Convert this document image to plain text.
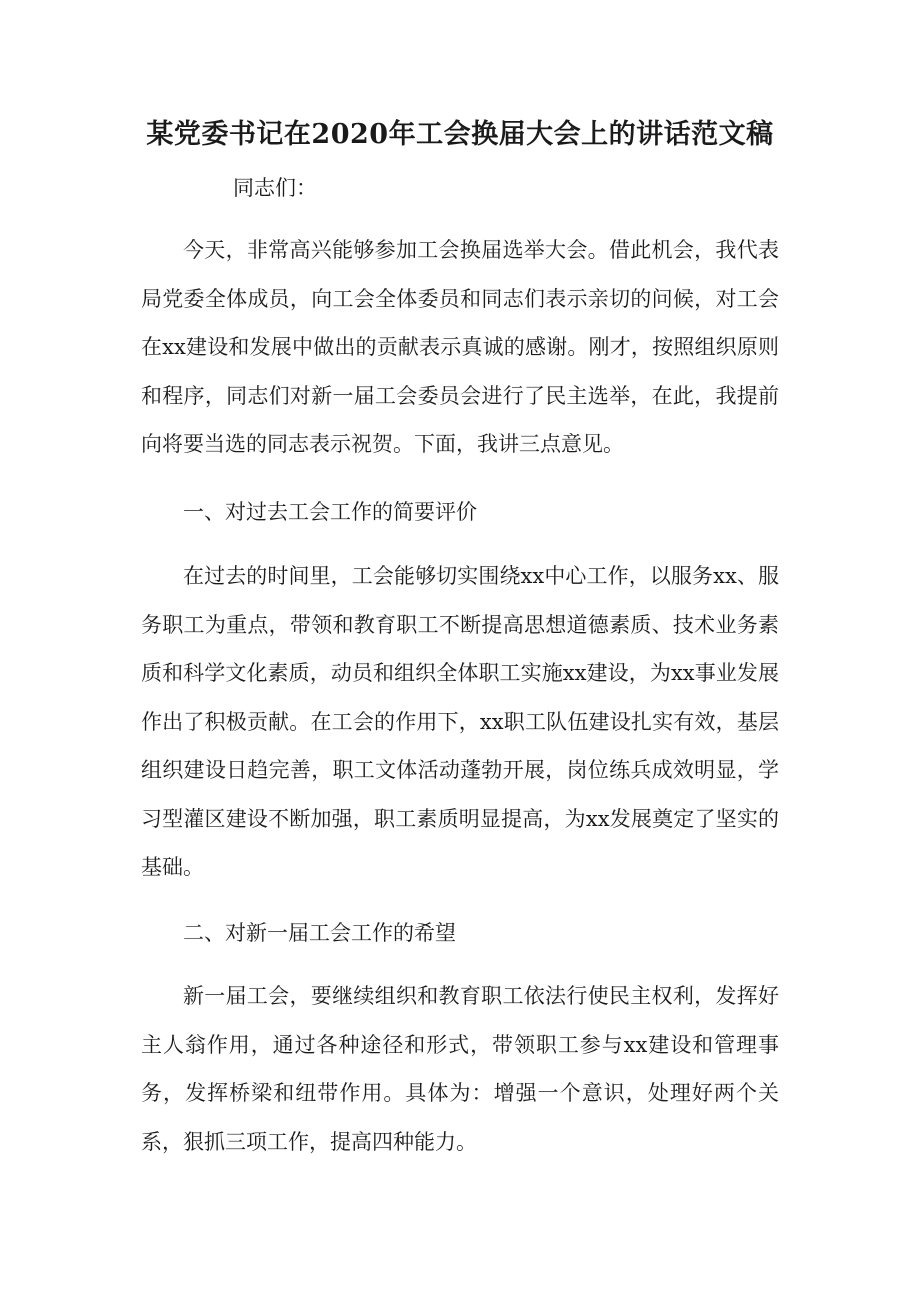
某党委书记在2020年工会换届大会上的讲话范文稿

同志们：

今天，非常高兴能够参加工会换届选举大会。借此机会，我代表局党委全体成员，向工会全体委员和同志们表示亲切的问候，对工会在xx建设和发展中做出的贡献表示真诚的感谢。刚才，按照组织原则和程序，同志们对新一届工会委员会进行了民主选举，在此，我提前向将要当选的同志表示祝贺。下面，我讲三点意见。

一、对过去工会工作的简要评价

在过去的时间里，工会能够切实围绕xx中心工作，以服务xx、服务职工为重点，带领和教育职工不断提高思想道德素质、技术业务素质和科学文化素质，动员和组织全体职工实施xx建设，为xx事业发展作出了积极贡献。在工会的作用下，xx职工队伍建设扎实有效，基层组织建设日趋完善，职工文体活动蓬勃开展，岗位练兵成效明显，学习型灌区建设不断加强，职工素质明显提高，为xx发展奠定了坚实的基础。

二、对新一届工会工作的希望

新一届工会，要继续组织和教育职工依法行使民主权利，发挥好主人翁作用，通过各种途径和形式，带领职工参与xx建设和管理事务，发挥桥梁和纽带作用。具体为：增强一个意识，处理好两个关系，狠抓三项工作，提高四种能力。
